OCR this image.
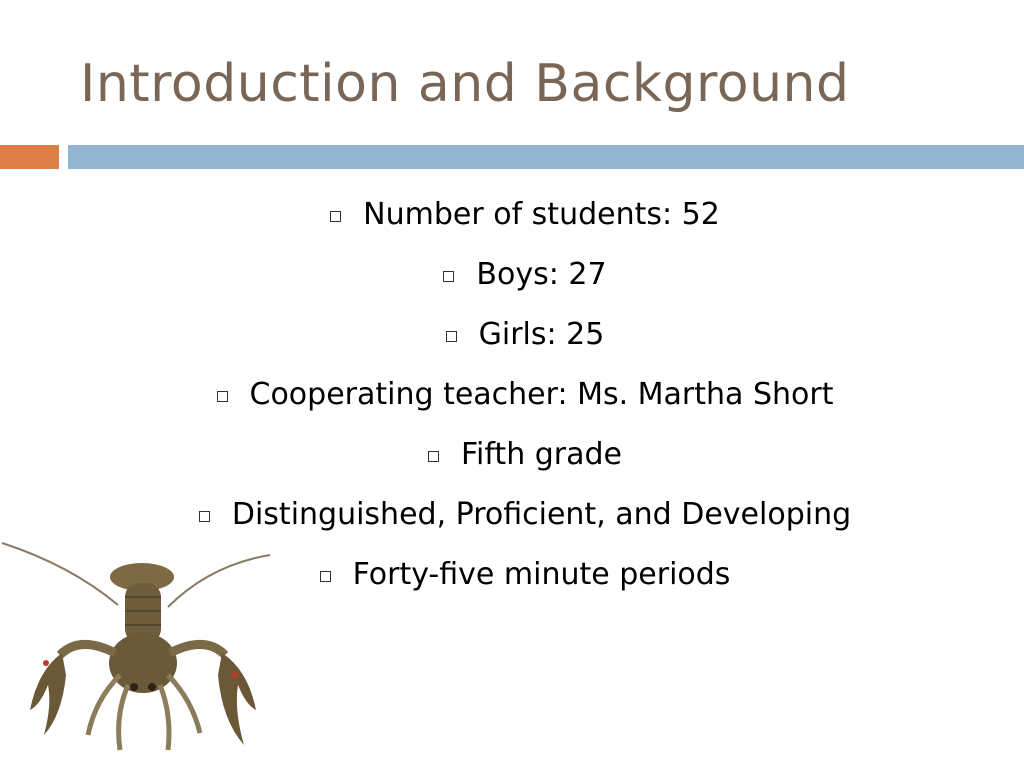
Introduction and Background
Number of students: 52
Boys: 27
Girls: 25
Cooperating teacher: Ms. Martha Short
Fifth grade
Distinguished, Proficient, and Developing
Forty-five minute periods
